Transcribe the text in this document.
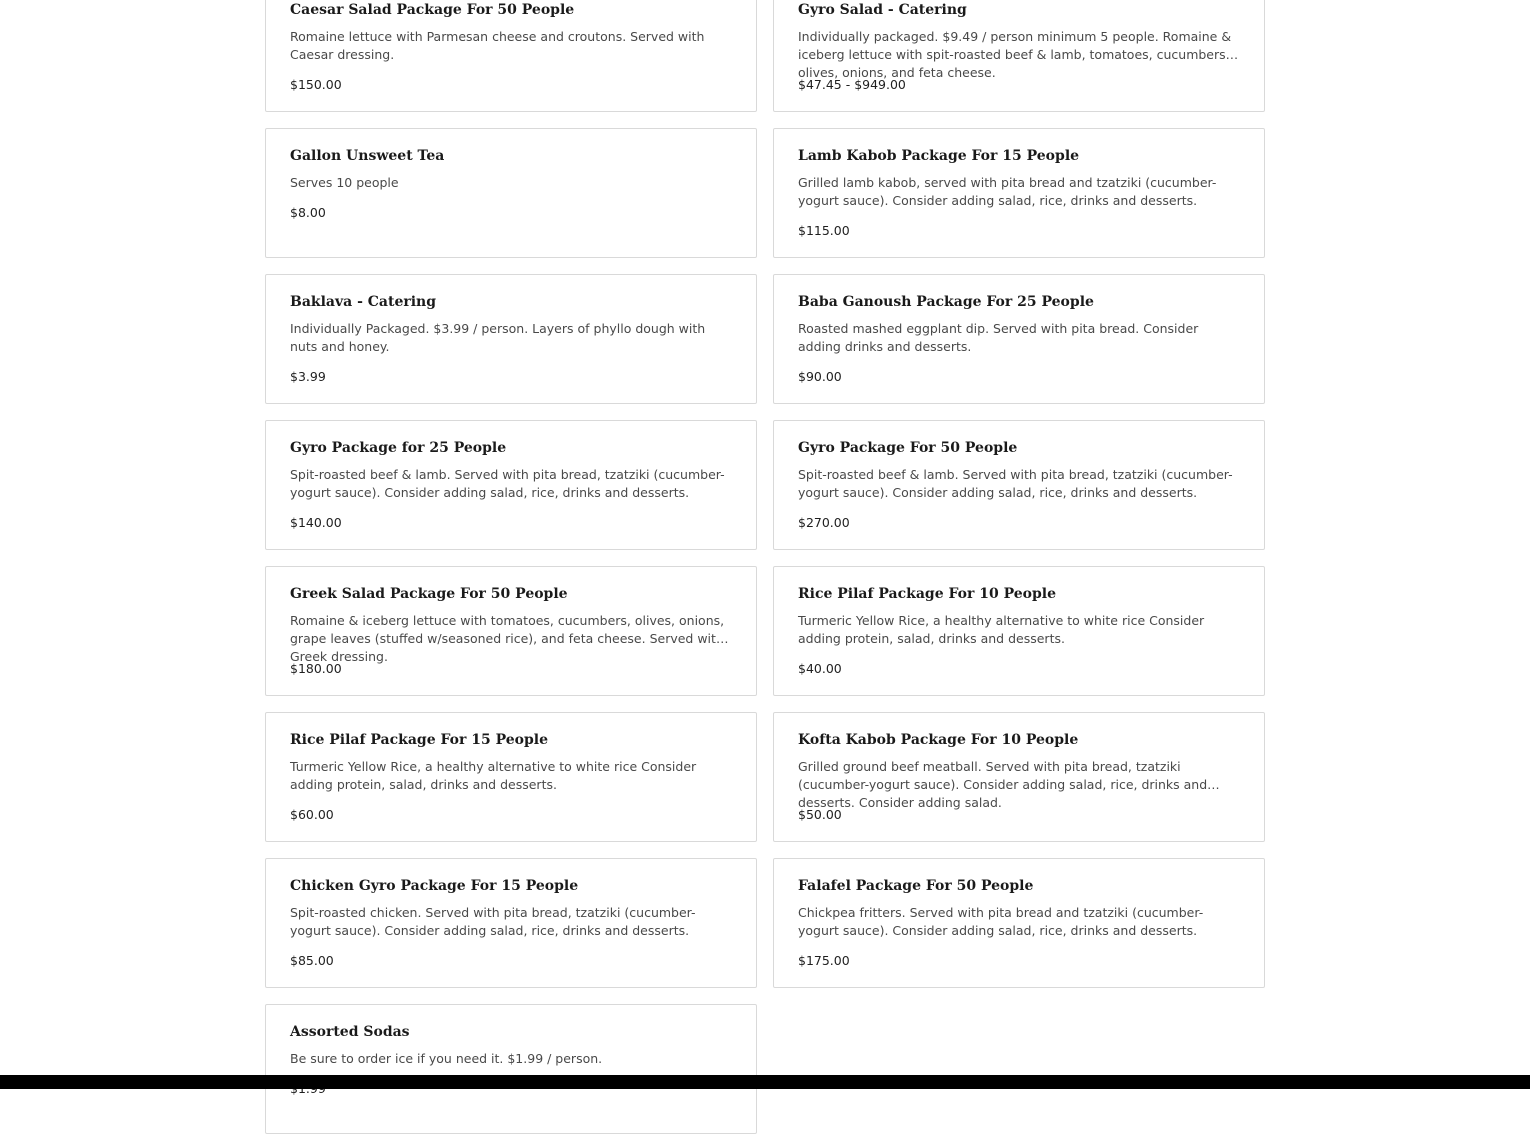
Caesar Salad Package For 50 People
Romaine lettuce with Parmesan cheese and croutons. Served with Caesar dressing.
$150.00
Gyro Salad - Catering
Individually packaged. $9.49 / person minimum 5 people. Romaine & iceberg lettuce with spit-roasted beef & lamb, tomatoes, cucumbers, olives, onions, and feta cheese.
$47.45 - $949.00
Gallon Unsweet Tea
Serves 10 people
$8.00
Lamb Kabob Package For 15 People
Grilled lamb kabob, served with pita bread and tzatziki (cucumber-yogurt sauce). Consider adding salad, rice, drinks and desserts.
$115.00
Baklava - Catering
Individually Packaged. $3.99 / person. Layers of phyllo dough with nuts and honey.
$3.99
Baba Ganoush Package For 25 People
Roasted mashed eggplant dip. Served with pita bread. Consider adding drinks and desserts.
$90.00
Gyro Package for 25 People
Spit-roasted beef & lamb. Served with pita bread, tzatziki (cucumber-yogurt sauce). Consider adding salad, rice, drinks and desserts.
$140.00
Gyro Package For 50 People
Spit-roasted beef & lamb. Served with pita bread, tzatziki (cucumber-yogurt sauce). Consider adding salad, rice, drinks and desserts.
$270.00
Greek Salad Package For 50 People
Romaine & iceberg lettuce with tomatoes, cucumbers, olives, onions, grape leaves (stuffed w/seasoned rice), and feta cheese. Served with Greek dressing.
$180.00
Rice Pilaf Package For 10 People
Turmeric Yellow Rice, a healthy alternative to white rice Consider adding protein, salad, drinks and desserts.
$40.00
Rice Pilaf Package For 15 People
Turmeric Yellow Rice, a healthy alternative to white rice Consider adding protein, salad, drinks and desserts.
$60.00
Kofta Kabob Package For 10 People
Grilled ground beef meatball. Served with pita bread, tzatziki (cucumber-yogurt sauce). Consider adding salad, rice, drinks and desserts. Consider adding salad.
$50.00
Chicken Gyro Package For 15 People
Spit-roasted chicken. Served with pita bread, tzatziki (cucumber-yogurt sauce). Consider adding salad, rice, drinks and desserts.
$85.00
Falafel Package For 50 People
Chickpea fritters. Served with pita bread and tzatziki (cucumber-yogurt sauce). Consider adding salad, rice, drinks and desserts.
$175.00
Assorted Sodas
Be sure to order ice if you need it. $1.99 / person.
